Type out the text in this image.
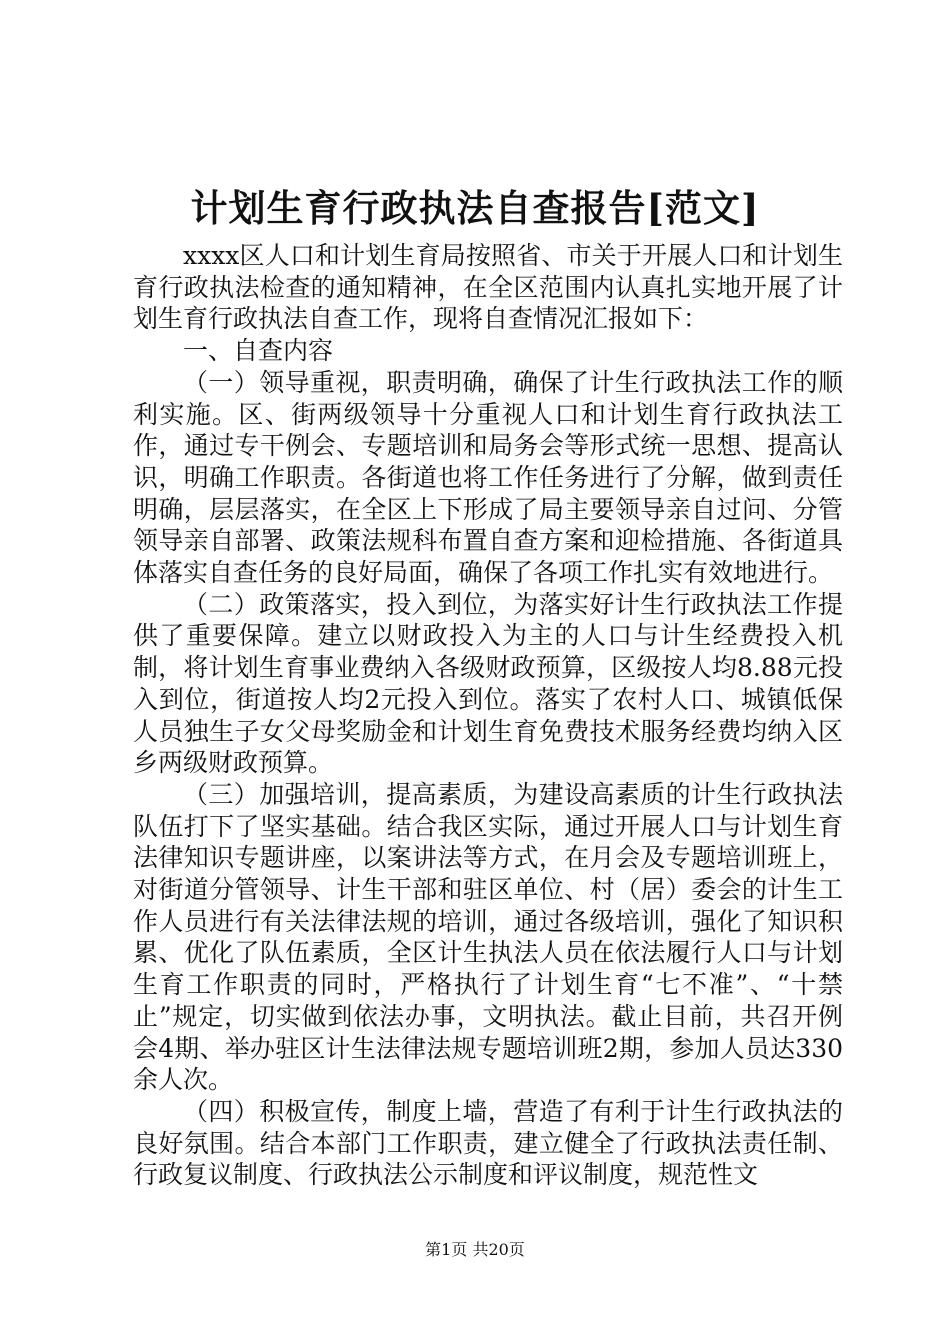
计划生育行政执法自查报告[范文]

xxxx区人口和计划生育局按照省、市关于开展人口和计划生育行政执法检查的通知精神，在全区范围内认真扎实地开展了计划生育行政执法自查工作，现将自查情况汇报如下：

一、自查内容

（一）领导重视，职责明确，确保了计生行政执法工作的顺利实施。区、街两级领导十分重视人口和计划生育行政执法工作，通过专干例会、专题培训和局务会等形式统一思想、提高认识，明确工作职责。各街道也将工作任务进行了分解，做到责任明确，层层落实，在全区上下形成了局主要领导亲自过问、分管领导亲自部署、政策法规科布置自查方案和迎检措施、各街道具体落实自查任务的良好局面，确保了各项工作扎实有效地进行。

（二）政策落实，投入到位，为落实好计生行政执法工作提供了重要保障。建立以财政投入为主的人口与计生经费投入机制，将计划生育事业费纳入各级财政预算，区级按人均8.88元投入到位，街道按人均2元投入到位。落实了农村人口、城镇低保人员独生子女父母奖励金和计划生育免费技术服务经费均纳入区乡两级财政预算。

（三）加强培训，提高素质，为建设高素质的计生行政执法队伍打下了坚实基础。结合我区实际，通过开展人口与计划生育法律知识专题讲座，以案讲法等方式，在月会及专题培训班上，对街道分管领导、计生干部和驻区单位、村（居）委会的计生工作人员进行有关法律法规的培训，通过各级培训，强化了知识积累、优化了队伍素质，全区计生执法人员在依法履行人口与计划生育工作职责的同时，严格执行了计划生育“七不准”、“十禁止”规定，切实做到依法办事，文明执法。截止目前，共召开例会4期、举办驻区计生法律法规专题培训班2期，参加人员达330余人次。

（四）积极宣传，制度上墙，营造了有利于计生行政执法的良好氛围。结合本部门工作职责，建立健全了行政执法责任制、行政复议制度、行政执法公示制度和评议制度，规范性文

第1页 共20页
